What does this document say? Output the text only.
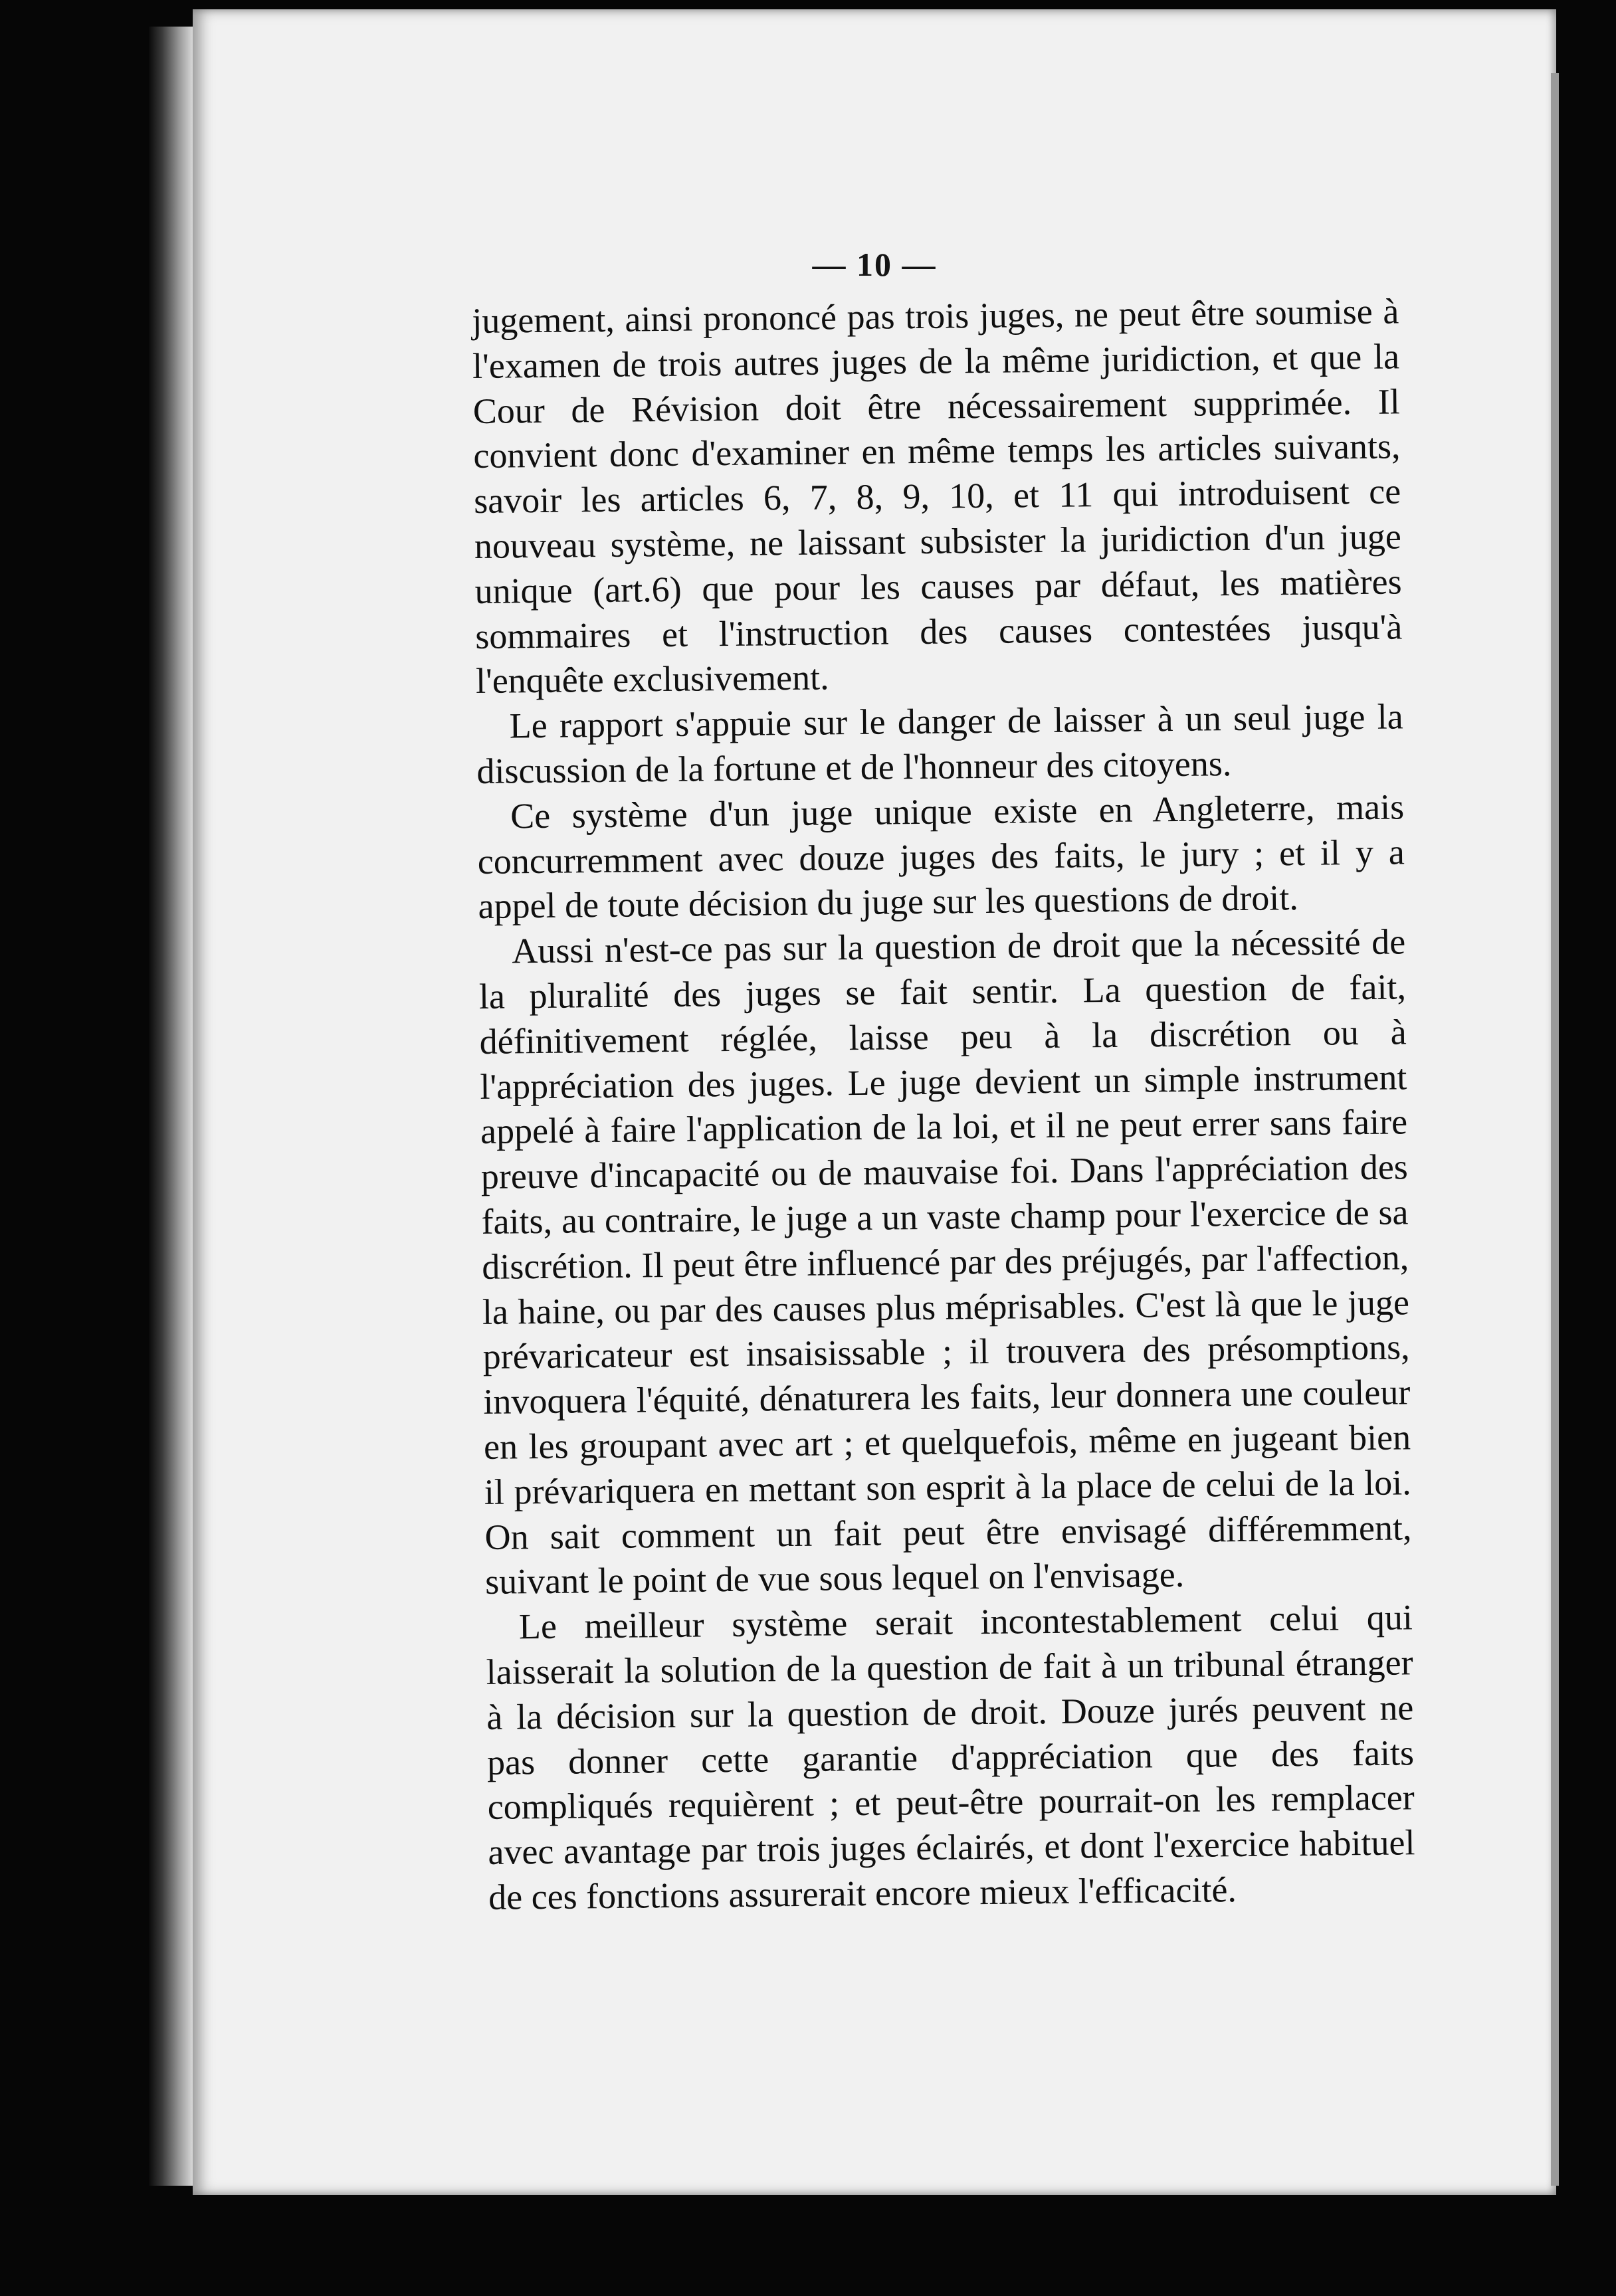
— 10 —

jugement, ainsi prononcé pas trois juges, ne peut être soumise à l'examen de trois autres juges de la même juridiction, et que la Cour de Révision doit être nécessairement supprimée. Il convient donc d'examiner en même temps les articles suivants, savoir les articles 6, 7, 8, 9, 10, et 11 qui introduisent ce nouveau système, ne laissant subsister la juridiction d'un juge unique (art.6) que pour les causes par défaut, les matières sommaires et l'instruction des causes contestées jusqu'à l'enquête exclusivement.

Le rapport s'appuie sur le danger de laisser à un seul juge la discussion de la fortune et de l'honneur des citoyens.

Ce système d'un juge unique existe en Angleterre, mais concurremment avec douze juges des faits, le jury ; et il y a appel de toute décision du juge sur les questions de droit.

Aussi n'est-ce pas sur la question de droit que la nécessité de la pluralité des juges se fait sentir. La question de fait, définitivement réglée, laisse peu à la discrétion ou à l'appréciation des juges. Le juge devient un simple instrument appelé à faire l'application de la loi, et il ne peut errer sans faire preuve d'incapacité ou de mauvaise foi. Dans l'appréciation des faits, au contraire, le juge a un vaste champ pour l'exercice de sa discrétion. Il peut être influencé par des préjugés, par l'affection, la haine, ou par des causes plus méprisables. C'est là que le juge prévaricateur est insaisissable ; il trouvera des présomptions, invoquera l'équité, dénaturera les faits, leur donnera une couleur en les groupant avec art ; et quelquefois, même en jugeant bien il prévariquera en mettant son esprit à la place de celui de la loi. On sait comment un fait peut être envisagé différemment, suivant le point de vue sous lequel on l'envisage.

Le meilleur système serait incontestablement celui qui laisserait la solution de la question de fait à un tribunal étranger à la décision sur la question de droit. Douze jurés peuvent ne pas donner cette garantie d'appréciation que des faits compliqués requièrent ; et peut-être pourrait-on les remplacer avec avantage par trois juges éclairés, et dont l'exercice habituel de ces fonctions assurerait encore mieux l'efficacité.
